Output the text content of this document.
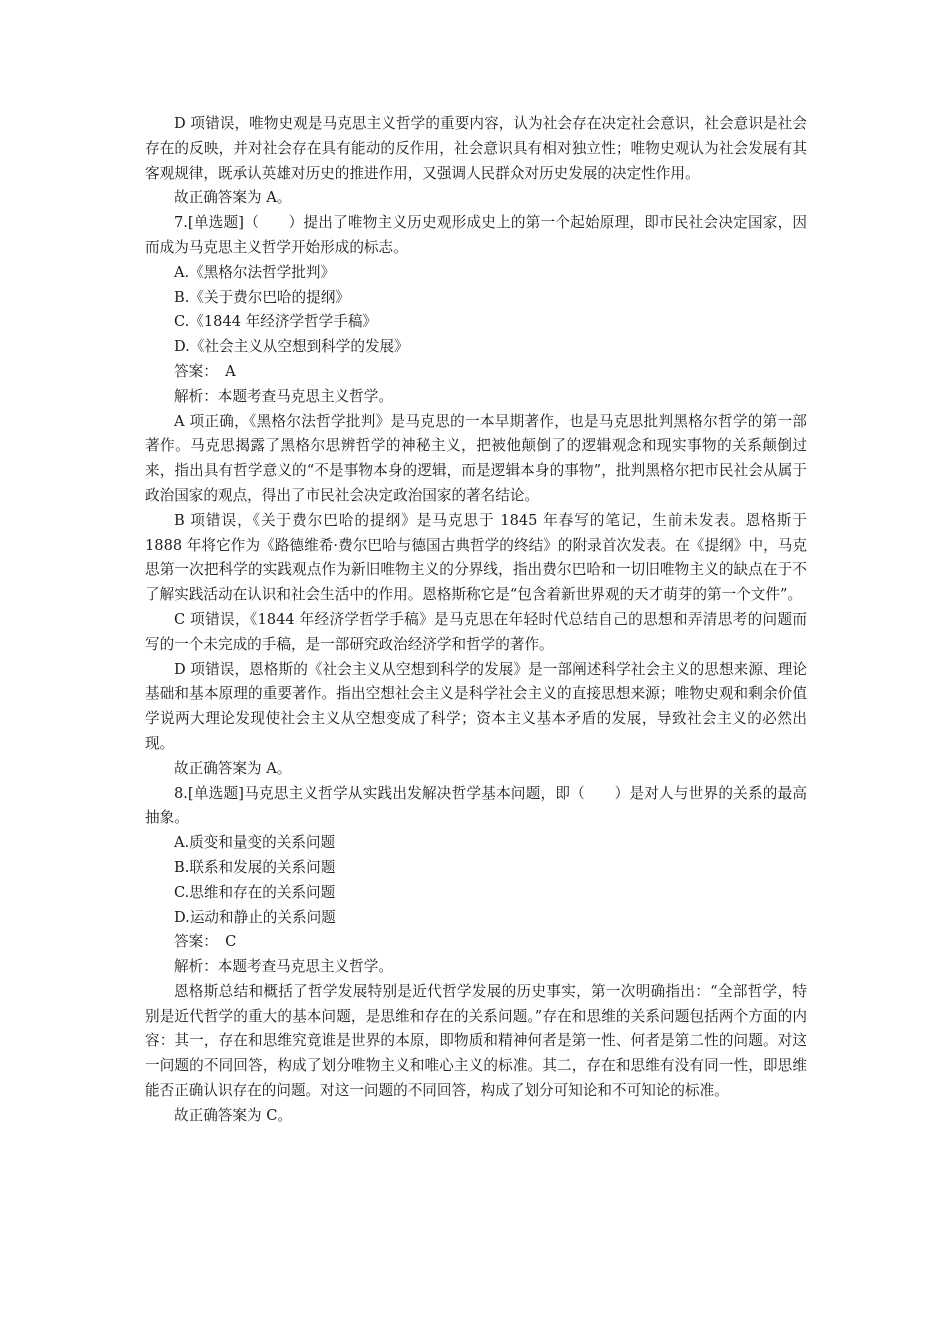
D 项错误，唯物史观是马克思主义哲学的重要内容，认为社会存在决定社会意识，社会意识是社会存在的反映，并对社会存在具有能动的反作用，社会意识具有相对独立性；唯物史观认为社会发展有其客观规律，既承认英雄对历史的推进作用，又强调人民群众对历史发展的决定性作用。

故正确答案为 A。

7.[单选题]（　　）提出了唯物主义历史观形成史上的第一个起始原理，即市民社会决定国家，因而成为马克思主义哲学开始形成的标志。

A.《黑格尔法哲学批判》

B.《关于费尔巴哈的提纲》

C.《1844 年经济学哲学手稿》

D.《社会主义从空想到科学的发展》

答案：　A

解析：本题考查马克思主义哲学。

A 项正确，《黑格尔法哲学批判》是马克思的一本早期著作，也是马克思批判黑格尔哲学的第一部著作。马克思揭露了黑格尔思辨哲学的神秘主义，把被他颠倒了的逻辑观念和现实事物的关系颠倒过来，指出具有哲学意义的“不是事物本身的逻辑，而是逻辑本身的事物”，批判黑格尔把市民社会从属于政治国家的观点，得出了市民社会决定政治国家的著名结论。

B 项错误，《关于费尔巴哈的提纲》是马克思于 1845 年春写的笔记，生前未发表。恩格斯于 1888 年将它作为《路德维希·费尔巴哈与德国古典哲学的终结》的附录首次发表。在《提纲》中，马克思第一次把科学的实践观点作为新旧唯物主义的分界线，指出费尔巴哈和一切旧唯物主义的缺点在于不了解实践活动在认识和社会生活中的作用。恩格斯称它是“包含着新世界观的天才萌芽的第一个文件”。

C 项错误，《1844 年经济学哲学手稿》是马克思在年轻时代总结自己的思想和弄清思考的问题而写的一个未完成的手稿，是一部研究政治经济学和哲学的著作。

D 项错误，恩格斯的《社会主义从空想到科学的发展》是一部阐述科学社会主义的思想来源、理论基础和基本原理的重要著作。指出空想社会主义是科学社会主义的直接思想来源；唯物史观和剩余价值学说两大理论发现使社会主义从空想变成了科学；资本主义基本矛盾的发展，导致社会主义的必然出现。

故正确答案为 A。

8.[单选题]马克思主义哲学从实践出发解决哲学基本问题，即（　　）是对人与世界的关系的最高抽象。

A.质变和量变的关系问题

B.联系和发展的关系问题

C.思维和存在的关系问题

D.运动和静止的关系问题

答案：　C

解析：本题考查马克思主义哲学。

恩格斯总结和概括了哲学发展特别是近代哲学发展的历史事实，第一次明确指出：“全部哲学，特别是近代哲学的重大的基本问题，是思维和存在的关系问题。”存在和思维的关系问题包括两个方面的内容：其一，存在和思维究竟谁是世界的本原，即物质和精神何者是第一性、何者是第二性的问题。对这一问题的不同回答，构成了划分唯物主义和唯心主义的标准。其二，存在和思维有没有同一性，即思维能否正确认识存在的问题。对这一问题的不同回答，构成了划分可知论和不可知论的标准。

故正确答案为 C。
